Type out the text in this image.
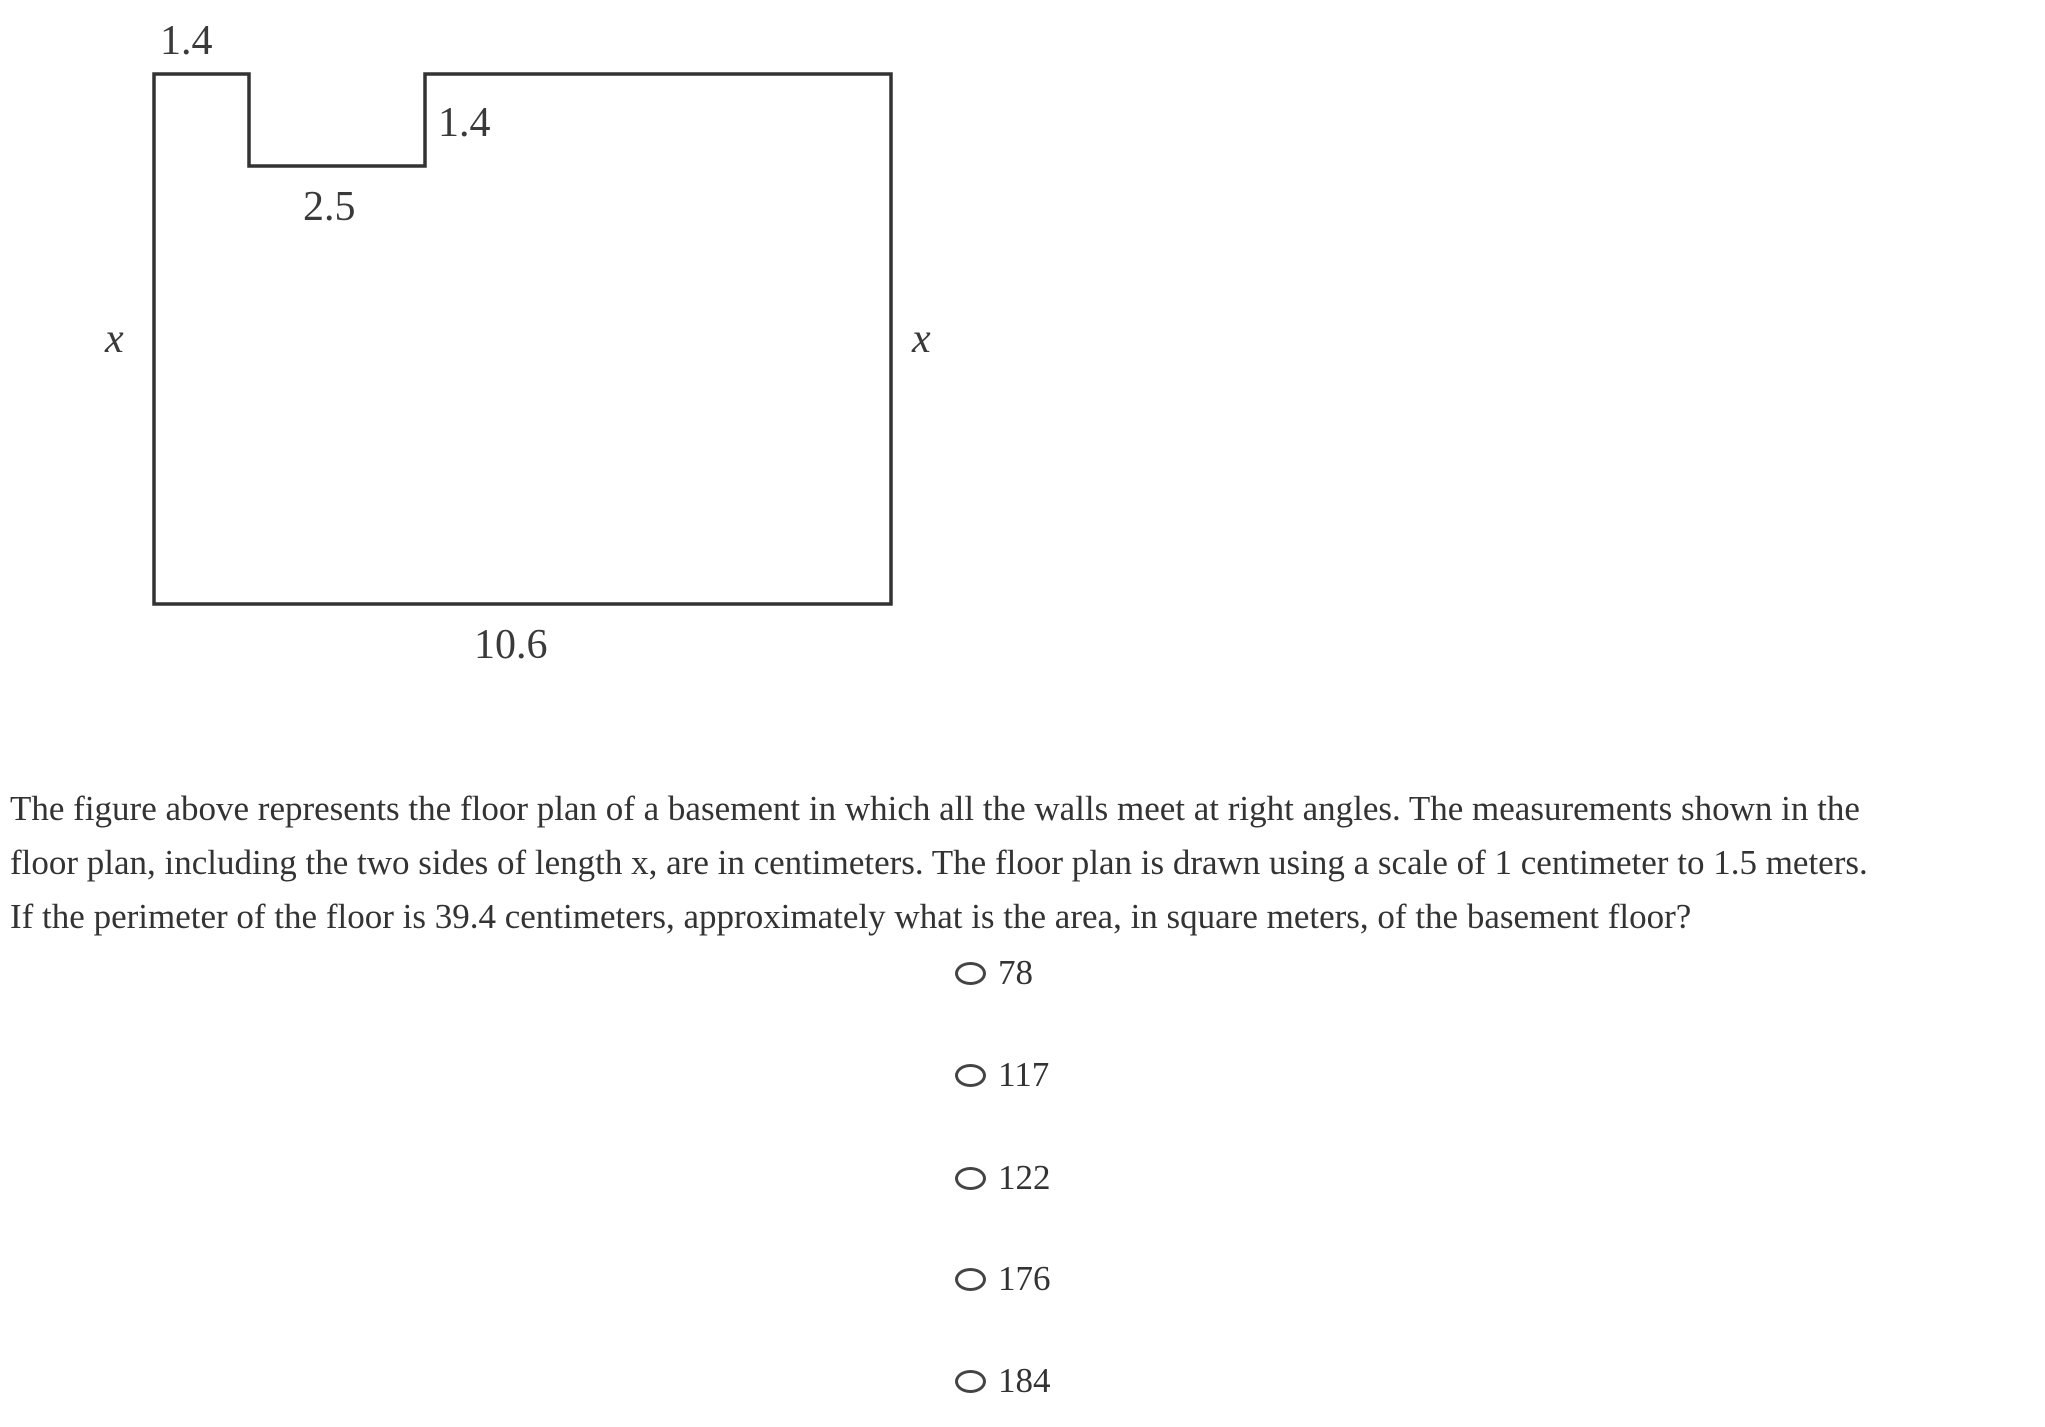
1.4
1.4
2.5
x	x
10.6
The figure above represents the floor plan of a basement in which all the walls meet at right angles. The measurements shown in the
floor plan, including the two sides of length x, are in centimeters. The floor plan is drawn using a scale of 1 centimeter to 1.5 meters.
If the perimeter of the floor is 39.4 centimeters, approximately what is the area, in square meters, of the basement floor?
78
117
122
176
184
